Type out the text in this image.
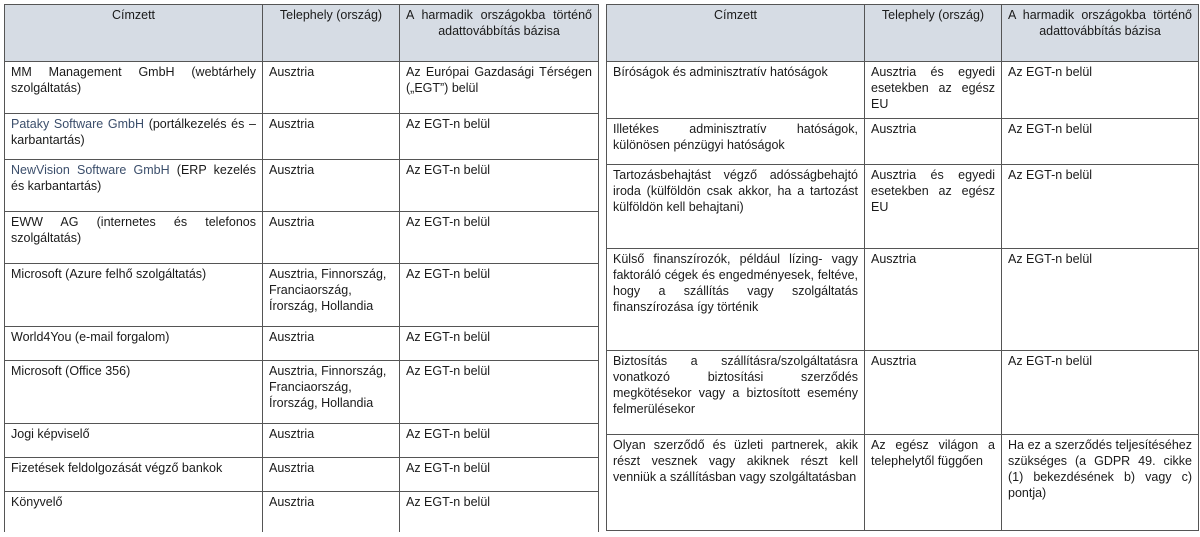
Címzett	Telephely (ország)	A harmadik országokba történő adattovábbítás bázisa
MM Management GmbH (webtárhely szolgáltatás)	Ausztria	Az Európai Gazdasági Térségen („EGT”) belül
Pataky Software GmbH (portálkezelés és –karbantartás)	Ausztria	Az EGT-n belül
NewVision Software GmbH (ERP kezelés és karbantartás)	Ausztria	Az EGT-n belül
EWW AG (internetes és telefonos szolgáltatás)	Ausztria	Az EGT-n belül
Microsoft (Azure felhő szolgáltatás)	Ausztria, Finnország, Franciaország, Írország, Hollandia	Az EGT-n belül
World4You (e-mail forgalom)	Ausztria	Az EGT-n belül
Microsoft (Office 356)	Ausztria, Finnország, Franciaország, Írország, Hollandia	Az EGT-n belül
Jogi képviselő	Ausztria	Az EGT-n belül
Fizetések feldolgozását végző bankok	Ausztria	Az EGT-n belül
Könyvelő	Ausztria	Az EGT-n belül
Címzett	Telephely (ország)	A harmadik országokba történő adattovábbítás bázisa
Bíróságok és adminisztratív hatóságok	Ausztria és egyedi esetekben az egész EU	Az EGT-n belül
Illetékes adminisztratív hatóságok, különösen pénzügyi hatóságok	Ausztria	Az EGT-n belül
Tartozásbehajtást végző adósságbehajtó iroda (külföldön csak akkor, ha a tartozást külföldön kell behajtani)	Ausztria és egyedi esetekben az egész EU	Az EGT-n belül
Külső finanszírozók, például lízing- vagy faktoráló cégek és engedményesek, feltéve, hogy a szállítás vagy szolgáltatás finanszírozása így történik	Ausztria	Az EGT-n belül
Biztosítás a szállításra/szolgáltatásra vonatkozó biztosítási szerződés megkötésekor vagy a biztosított esemény felmerülésekor	Ausztria	Az EGT-n belül
Olyan szerződő és üzleti partnerek, akik részt vesznek vagy akiknek részt kell venniük a szállításban vagy szolgáltatásban	Az egész világon a telephelytől függően	Ha ez a szerződés teljesítéséhez szükséges (a GDPR 49. cikke (1) bekezdésének b) vagy c) pontja)
